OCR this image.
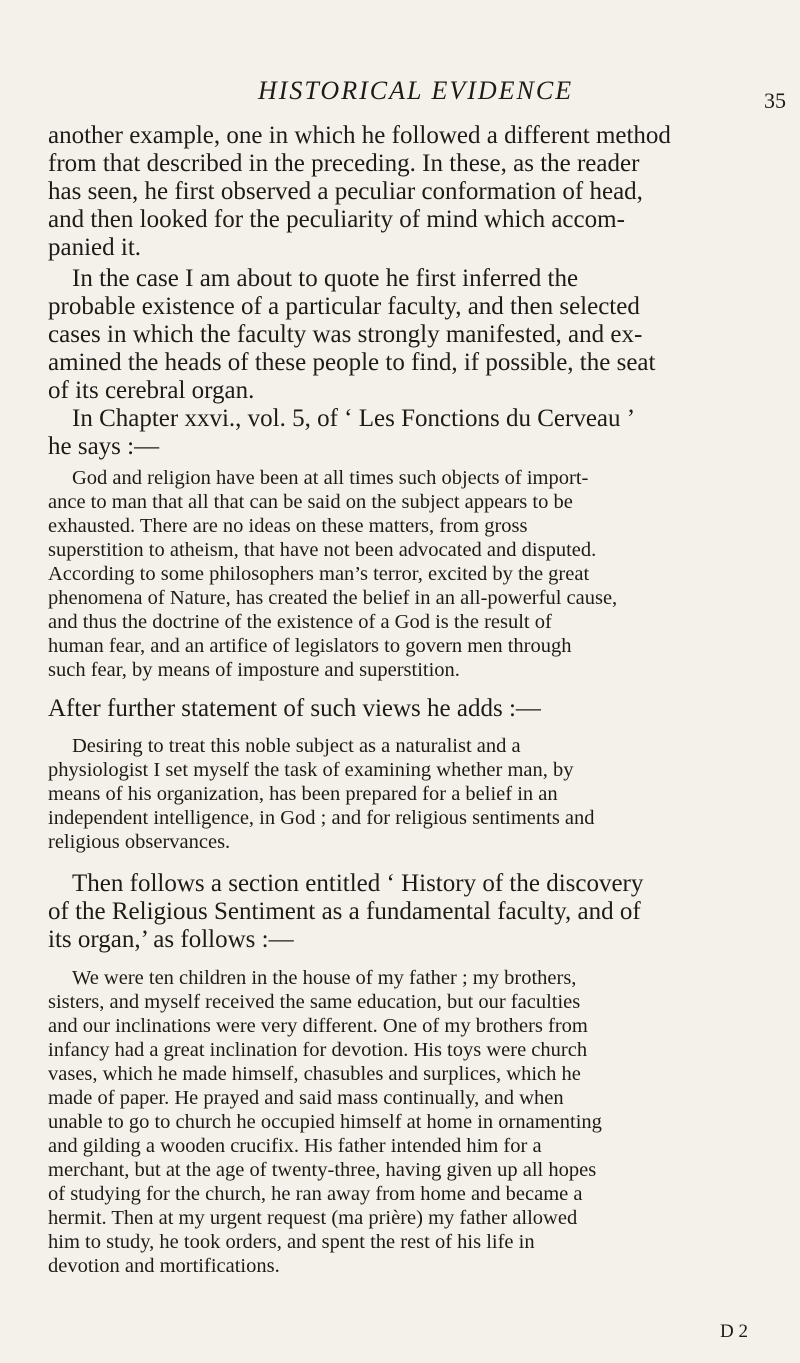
HISTORICAL EVIDENCE	35
another example, one in which he followed a different method
from that described in the preceding. In these, as the reader
has seen, he first observed a peculiar conformation of head,
and then looked for the peculiarity of mind which accom-
panied it.
In the case I am about to quote he first inferred the
probable existence of a particular faculty, and then selected
cases in which the faculty was strongly manifested, and ex-
amined the heads of these people to find, if possible, the seat
of its cerebral organ.
In Chapter xxvi., vol. 5, of ‘ Les Fonctions du Cerveau ’
he says :—
God and religion have been at all times such objects of import-
ance to man that all that can be said on the subject appears to be
exhausted. There are no ideas on these matters, from gross
superstition to atheism, that have not been advocated and disputed.
According to some philosophers man’s terror, excited by the great
phenomena of Nature, has created the belief in an all-powerful cause,
and thus the doctrine of the existence of a God is the result of
human fear, and an artifice of legislators to govern men through
such fear, by means of imposture and superstition.
After further statement of such views he adds :—
Desiring to treat this noble subject as a naturalist and a
physiologist I set myself the task of examining whether man, by
means of his organization, has been prepared for a belief in an
independent intelligence, in God ; and for religious sentiments and
religious observances.
Then follows a section entitled ‘ History of the discovery
of the Religious Sentiment as a fundamental faculty, and of
its organ,’ as follows :—
We were ten children in the house of my father ; my brothers,
sisters, and myself received the same education, but our faculties
and our inclinations were very different. One of my brothers from
infancy had a great inclination for devotion. His toys were church
vases, which he made himself, chasubles and surplices, which he
made of paper. He prayed and said mass continually, and when
unable to go to church he occupied himself at home in ornamenting
and gilding a wooden crucifix. His father intended him for a
merchant, but at the age of twenty-three, having given up all hopes
of studying for the church, he ran away from home and became a
hermit. Then at my urgent request (ma prière) my father allowed
him to study, he took orders, and spent the rest of his life in
devotion and mortifications.
D 2
